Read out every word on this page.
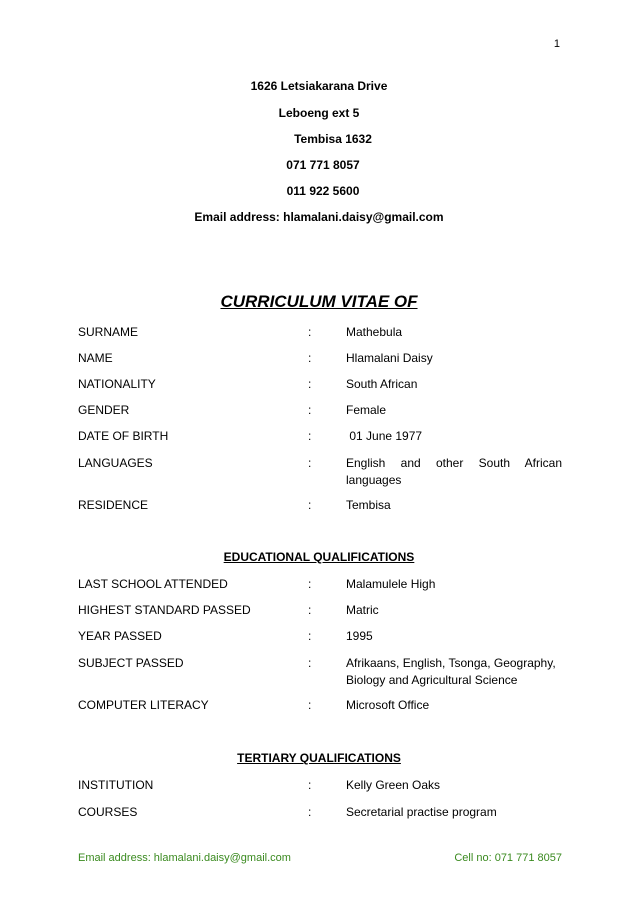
1
1626 Letsiakarana Drive
Leboeng ext 5
Tembisa 1632
071 771 8057
011 922 5600
Email address: hlamalani.daisy@gmail.com
CURRICULUM VITAE OF
SURNAME	:	Mathebula
NAME	:	Hlamalani Daisy
NATIONALITY	:	South African
GENDER	:	Female
DATE OF BIRTH	:	01 June 1977
LANGUAGES	:	English and other South African languages
RESIDENCE	:	Tembisa
EDUCATIONAL QUALIFICATIONS
LAST SCHOOL ATTENDED	:	Malamulele High
HIGHEST STANDARD PASSED	:	Matric
YEAR PASSED	:	1995
SUBJECT PASSED	:	Afrikaans, English, Tsonga, Geography, Biology and Agricultural Science
COMPUTER LITERACY	:	Microsoft Office
TERTIARY QUALIFICATIONS
INSTITUTION	:	Kelly Green Oaks
COURSES	:	Secretarial practise program
Email address: hlamalani.daisy@gmail.com	Cell no: 071 771 8057
